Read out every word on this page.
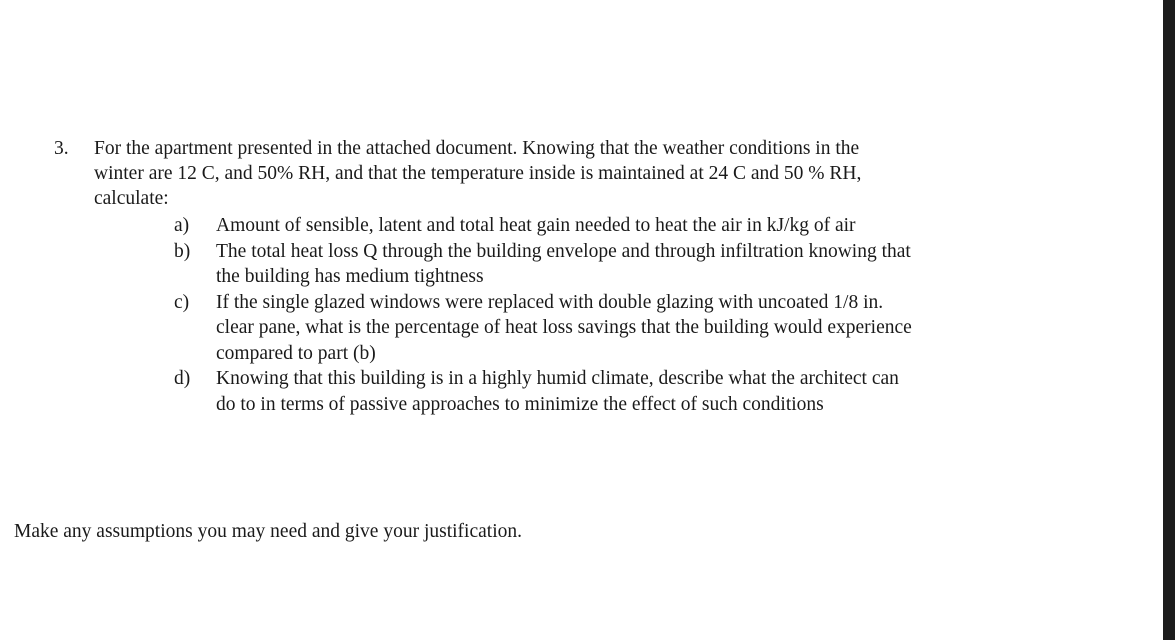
3.	For the apartment presented in the attached document. Knowing that the weather conditions in the
winter are 12 C, and 50% RH, and that the temperature inside is maintained at 24 C and 50 % RH,
calculate:
a)	Amount of sensible, latent and total heat gain needed to heat the air in kJ/kg of air
b)	The total heat loss Q through the building envelope and through infiltration knowing that
the building has medium tightness
c)	If the single glazed windows were replaced with double glazing with uncoated 1/8 in.
clear pane, what is the percentage of heat loss savings that the building would experience
compared to part (b)
d)	Knowing that this building is in a highly humid climate, describe what the architect can
do to in terms of passive approaches to minimize the effect of such conditions
Make any assumptions you may need and give your justification.
